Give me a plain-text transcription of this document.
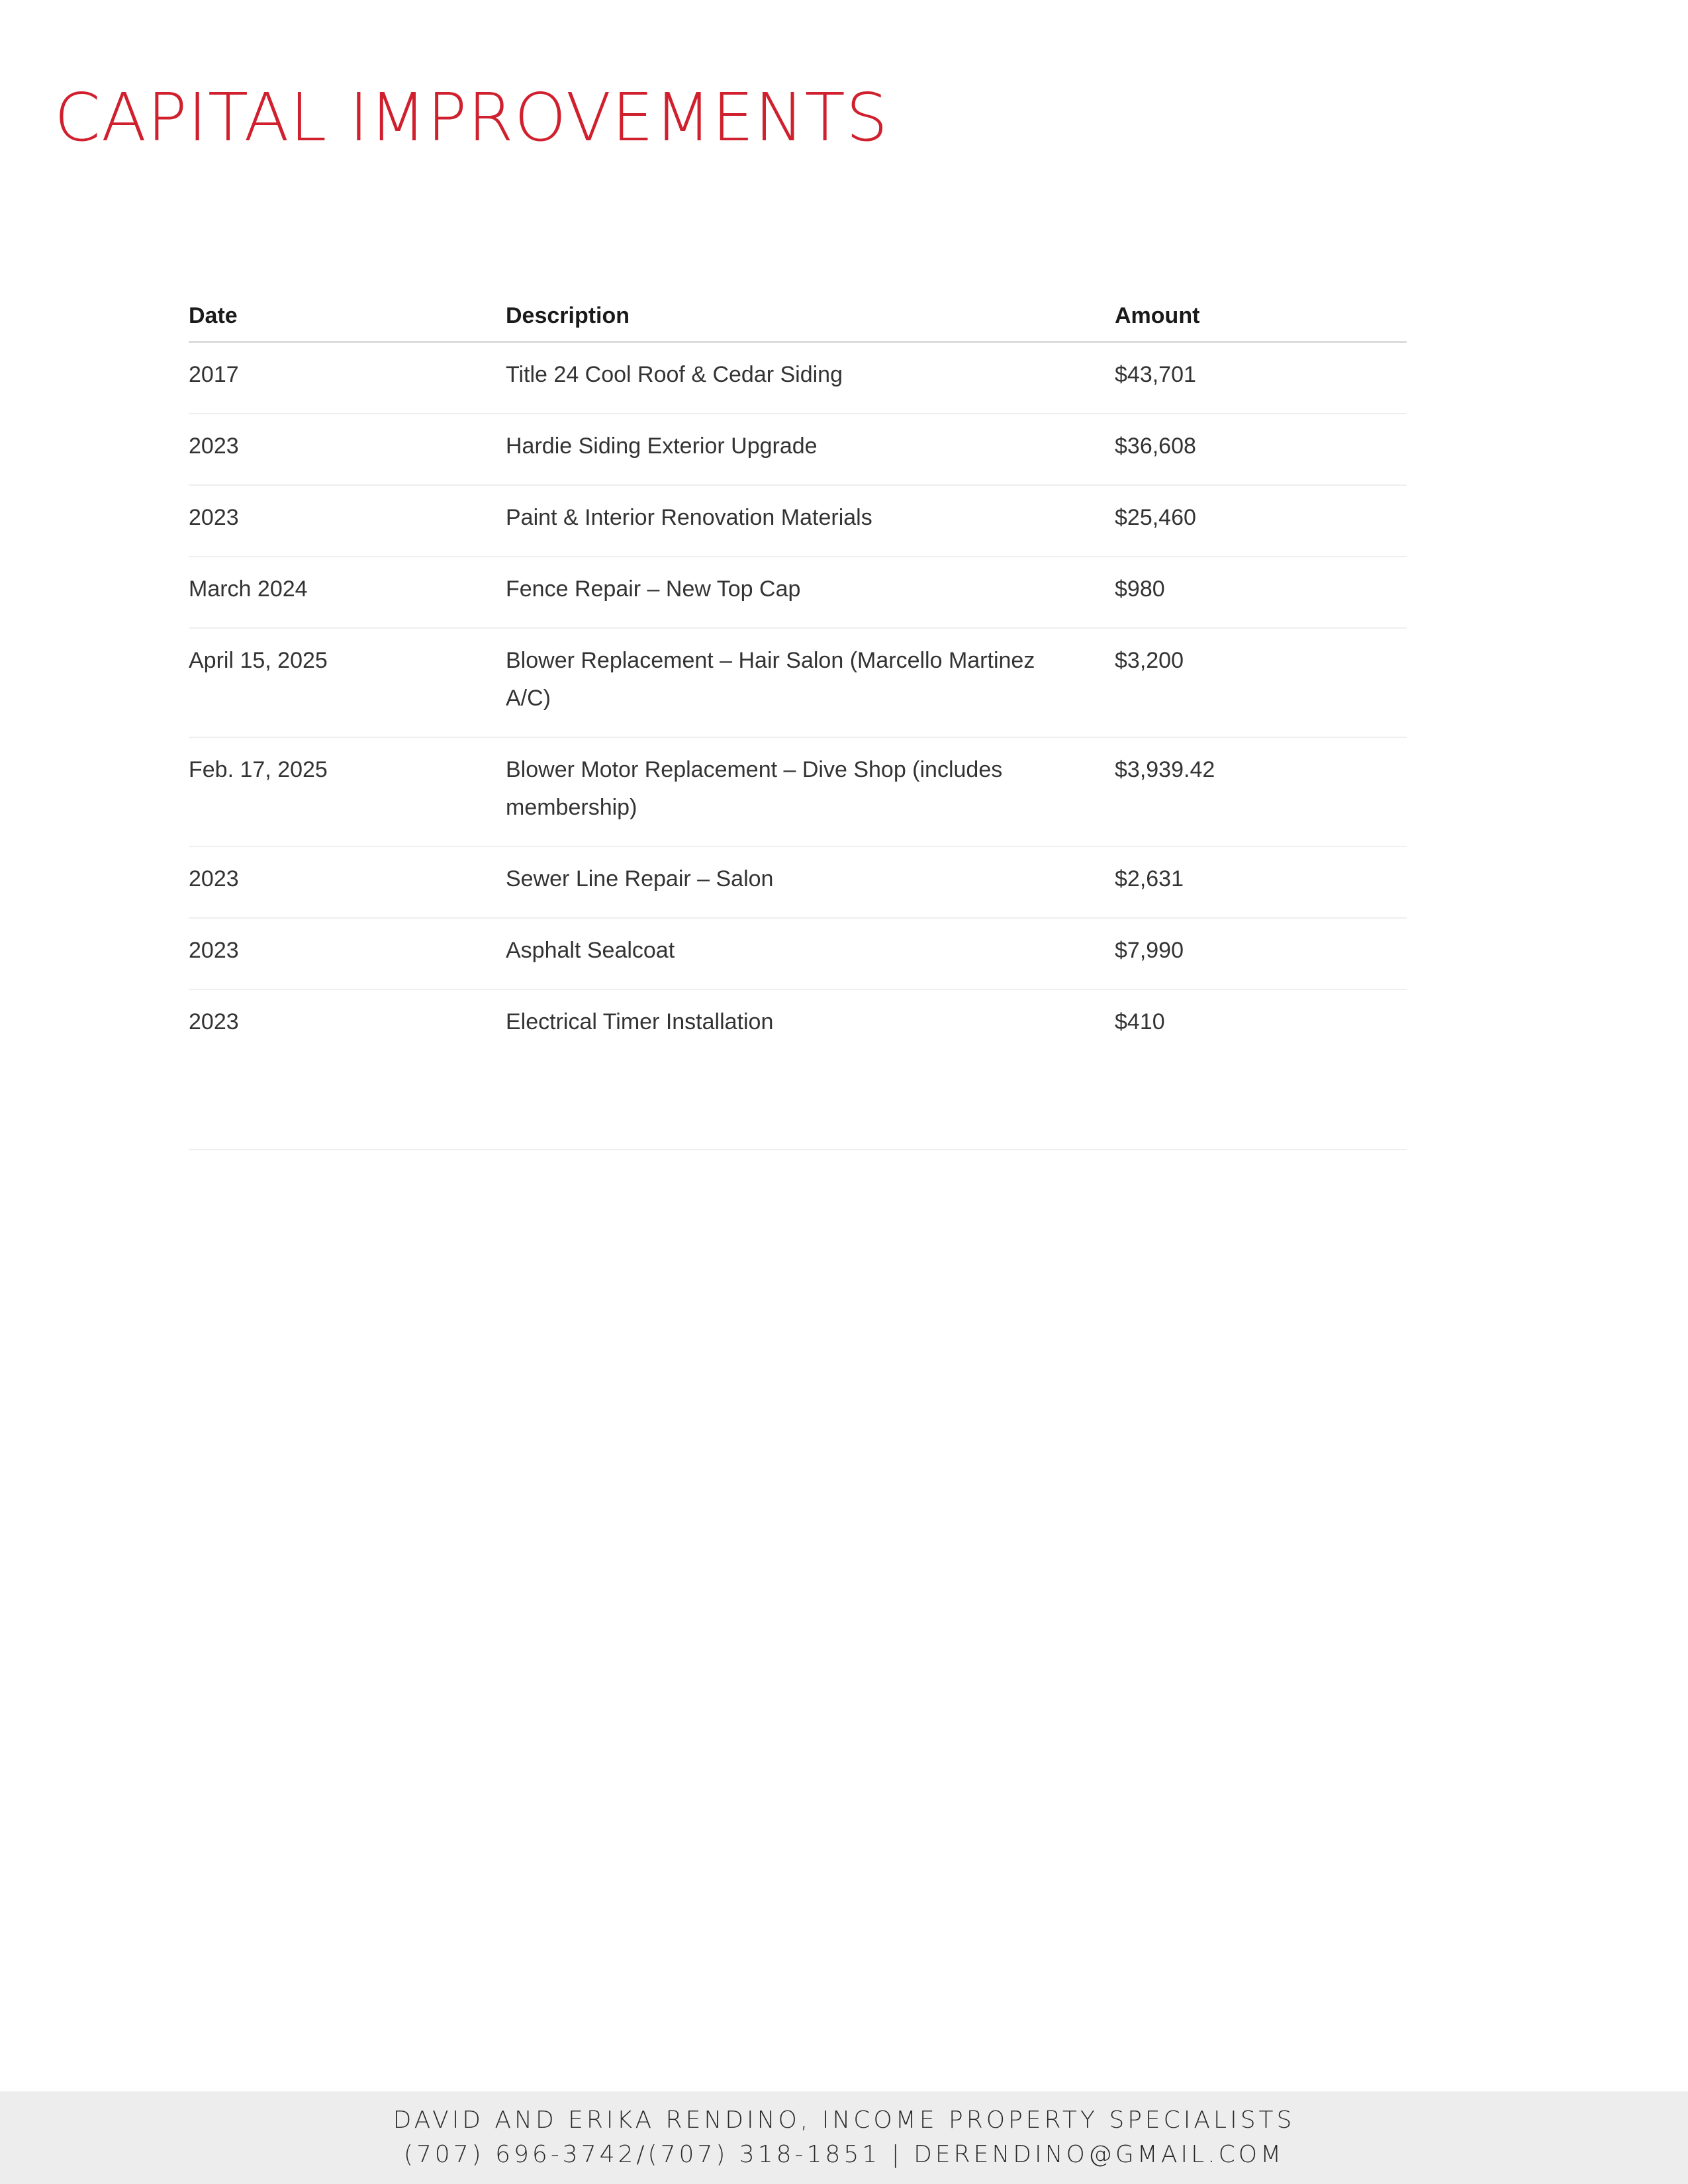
CAPITAL IMPROVEMENTS
Date	Description	Amount

2017	Title 24 Cool Roof & Cedar Siding	$43,701

2023	Hardie Siding Exterior Upgrade	$36,608

2023	Paint & Interior Renovation Materials	$25,460

March 2024	Fence Repair – New Top Cap	$980

April 15, 2025	Blower Replacement – Hair Salon (Marcello Martinez A/C)	$3,200

Feb. 17, 2025	Blower Motor Replacement – Dive Shop (includes membership)	$3,939.42

2023	Sewer Line Repair – Salon	$2,631

2023	Asphalt Sealcoat	$7,990

2023	Electrical Timer Installation	$410
DAVID AND ERIKA RENDINO, INCOME PROPERTY SPECIALISTS
(707) 696-3742/(707) 318-1851 | DERENDINO@GMAIL.COM
